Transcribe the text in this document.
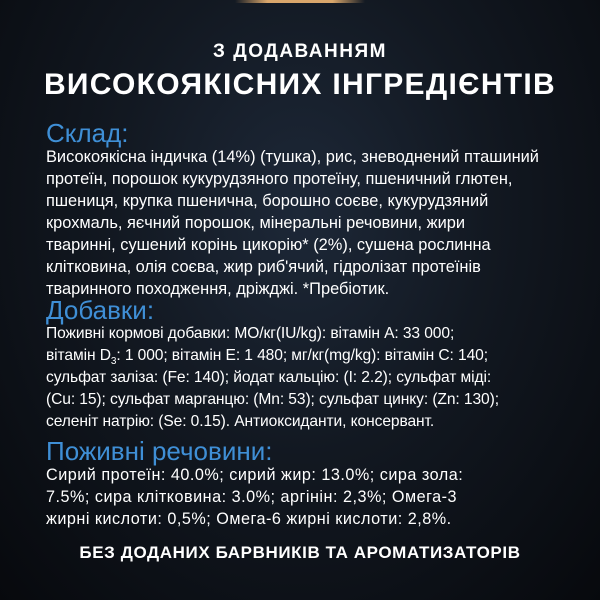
З ДОДАВАННЯМ
ВИСОКОЯКІСНИХ ІНГРЕДІЄНТІВ
Склад:
Високоякісна індичка (14%) (тушка), рис, зневоднений пташиний
протеїн, порошок кукурудзяного протеїну, пшеничний глютен,
пшениця, крупка пшенична, борошно соєве, кукурудзяний
крохмаль, яєчний порошок, мінеральні речовини, жири
тваринні, сушений корінь цикорію* (2%), сушена рослинна
клітковина, олія соєва, жир риб'ячий, гідролізат протеїнів
тваринного походження, дріжджі. *Пребіотик.
Добавки:
Поживні кормові добавки: МО/кг(IU/kg): вітамін А: 33 000;
вітамін $D_3$: 1 000; вітамін Е: 1 480; мг/кг(mg/kg): вітамін С: 140;
сульфат заліза: (Fe: 140); йодат кальцію: (I: 2.2); сульфат міді:
(Cu: 15); сульфат марганцю: (Mn: 53); сульфат цинку: (Zn: 130);
селеніт натрію: (Se: 0.15). Антиоксиданти, консервант.
Поживні речовини:
Сирий протеїн: 40.0%; сирий жир: 13.0%; сира зола:
7.5%; сира клітковина: 3.0%; аргінін: 2,3%; Омега-3
жирні кислоти: 0,5%; Омега-6 жирні кислоти: 2,8%.
БЕЗ ДОДАНИХ БАРВНИКІВ ТА АРОМАТИЗАТОРІВ
